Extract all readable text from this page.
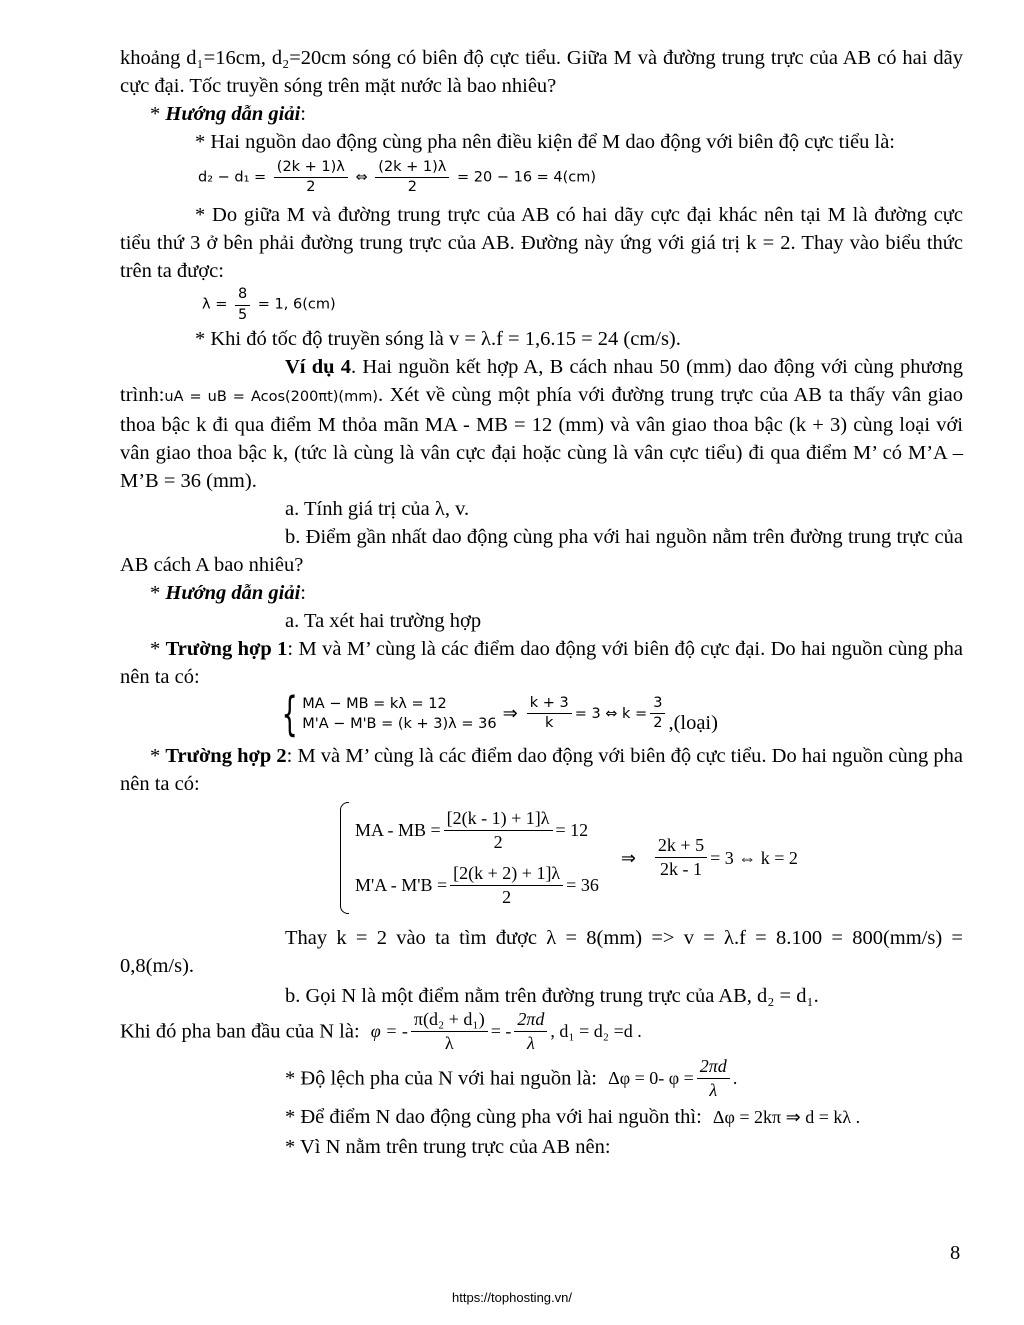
khoảng d₁=16cm, d₂=20cm sóng có biên độ cực tiểu. Giữa M và đường trung trực của AB có hai dãy cực đại. Tốc truyền sóng trên mặt nước là bao nhiêu?

* Hướng dẫn giải:

* Hai nguồn dao động cùng pha nên điều kiện để M dao động với biên độ cực tiểu là:

$d_2 - d_1 = \frac{(2k + 1)\lambda}{2}$ ⇔ $\frac{(2k + 1)\lambda}{2} = 20 - 16 = 4(cm)$

* Do giữa M và đường trung trực của AB có hai dãy cực đại khác nên tại M là đường cực tiểu thứ 3 ở bên phải đường trung trực của AB. Đường này ứng với giá trị k = 2. Thay vào biểu thức trên ta được:

$\lambda = \frac{8}{5} = 1$, 6(cm)

* Khi đó tốc độ truyền sóng là v = λ.f = 1,6.15 = 24 (cm/s).

Ví dụ 4. Hai nguồn kết hợp A, B cách nhau 50 (mm) dao động với cùng phương trình:uA = uB = Acos(200πt)(mm). Xét về cùng một phía với đường trung trực của AB ta thấy vân giao thoa bậc k đi qua điểm M thỏa mãn MA - MB = 12 (mm) và vân giao thoa bậc (k + 3) cùng loại với vân giao thoa bậc k, (tức là cùng là vân cực đại hoặc cùng là vân cực tiểu) đi qua điểm M’ có M’A – M’B = 36 (mm).

a. Tính giá trị của λ, v.

b. Điểm gần nhất dao động cùng pha với hai nguồn nằm trên đường trung trực của AB cách A bao nhiêu?

* Hướng dẫn giải:

a. Ta xét hai trường hợp

* Trường hợp 1: M và M’ cùng là các điểm dao động với biên độ cực đại. Do hai nguồn cùng pha nên ta có:

{ MA − MB = kλ = 12
M'A − M'B = (k + 3)λ = 36 ⇒ $\frac{k + 3}{k} = 3$ ⇔ $k = \frac{3}{2}$ ,(loại)

* Trường hợp 2: M và M’ cùng là các điểm dao động với biên độ cực tiểu. Do hai nguồn cùng pha nên ta có:

MA - MB = $\frac{[2(k - 1) + 1]\lambda}{2} = 12$
$M'A - M'B = \frac{[2(k + 2) + 1]\lambda}{2} = 36$
⇒ $\frac{2k + 5}{2k - 1} = 3$ ⇔ k = 2

Thay k = 2 vào ta tìm được λ = 8(mm) => v = λ.f = 8.100 = 800(mm/s) = 0,8(m/s).

b. Gọi N là một điểm nằm trên đường trung trực của AB, d₂ = d₁.

Khi đó pha ban đầu của N là: φ = - $\frac{\text{π(d₂ + d₁)}}{\lambda}$ = - $\frac{2\pi d}{\lambda}$ , d₁ = d₂ =d .

* Độ lệch pha của N với hai nguồn là: Δφ = 0- $\varphi = \frac{2\pi d}{\lambda}$ .

* Để điểm N dao động cùng pha với hai nguồn thì: Δφ = 2kπ ⇒ d = kλ .

* Vì N nằm trên trung trực của AB nên:

8
https://tophosting.vn/
